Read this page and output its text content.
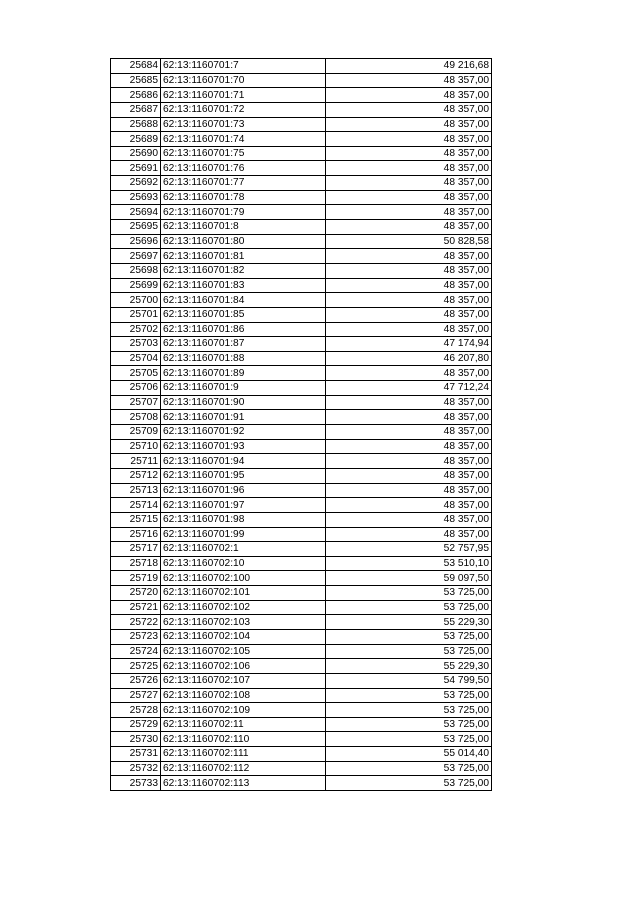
25684	62:13:1160701:7	49 216,68
25685	62:13:1160701:70	48 357,00
25686	62:13:1160701:71	48 357,00
25687	62:13:1160701:72	48 357,00
25688	62:13:1160701:73	48 357,00
25689	62:13:1160701:74	48 357,00
25690	62:13:1160701:75	48 357,00
25691	62:13:1160701:76	48 357,00
25692	62:13:1160701:77	48 357,00
25693	62:13:1160701:78	48 357,00
25694	62:13:1160701:79	48 357,00
25695	62:13:1160701:8	48 357,00
25696	62:13:1160701:80	50 828,58
25697	62:13:1160701:81	48 357,00
25698	62:13:1160701:82	48 357,00
25699	62:13:1160701:83	48 357,00
25700	62:13:1160701:84	48 357,00
25701	62:13:1160701:85	48 357,00
25702	62:13:1160701:86	48 357,00
25703	62:13:1160701:87	47 174,94
25704	62:13:1160701:88	46 207,80
25705	62:13:1160701:89	48 357,00
25706	62:13:1160701:9	47 712,24
25707	62:13:1160701:90	48 357,00
25708	62:13:1160701:91	48 357,00
25709	62:13:1160701:92	48 357,00
25710	62:13:1160701:93	48 357,00
25711	62:13:1160701:94	48 357,00
25712	62:13:1160701:95	48 357,00
25713	62:13:1160701:96	48 357,00
25714	62:13:1160701:97	48 357,00
25715	62:13:1160701:98	48 357,00
25716	62:13:1160701:99	48 357,00
25717	62:13:1160702:1	52 757,95
25718	62:13:1160702:10	53 510,10
25719	62:13:1160702:100	59 097,50
25720	62:13:1160702:101	53 725,00
25721	62:13:1160702:102	53 725,00
25722	62:13:1160702:103	55 229,30
25723	62:13:1160702:104	53 725,00
25724	62:13:1160702:105	53 725,00
25725	62:13:1160702:106	55 229,30
25726	62:13:1160702:107	54 799,50
25727	62:13:1160702:108	53 725,00
25728	62:13:1160702:109	53 725,00
25729	62:13:1160702:11	53 725,00
25730	62:13:1160702:110	53 725,00
25731	62:13:1160702:111	55 014,40
25732	62:13:1160702:112	53 725,00
25733	62:13:1160702:113	53 725,00
